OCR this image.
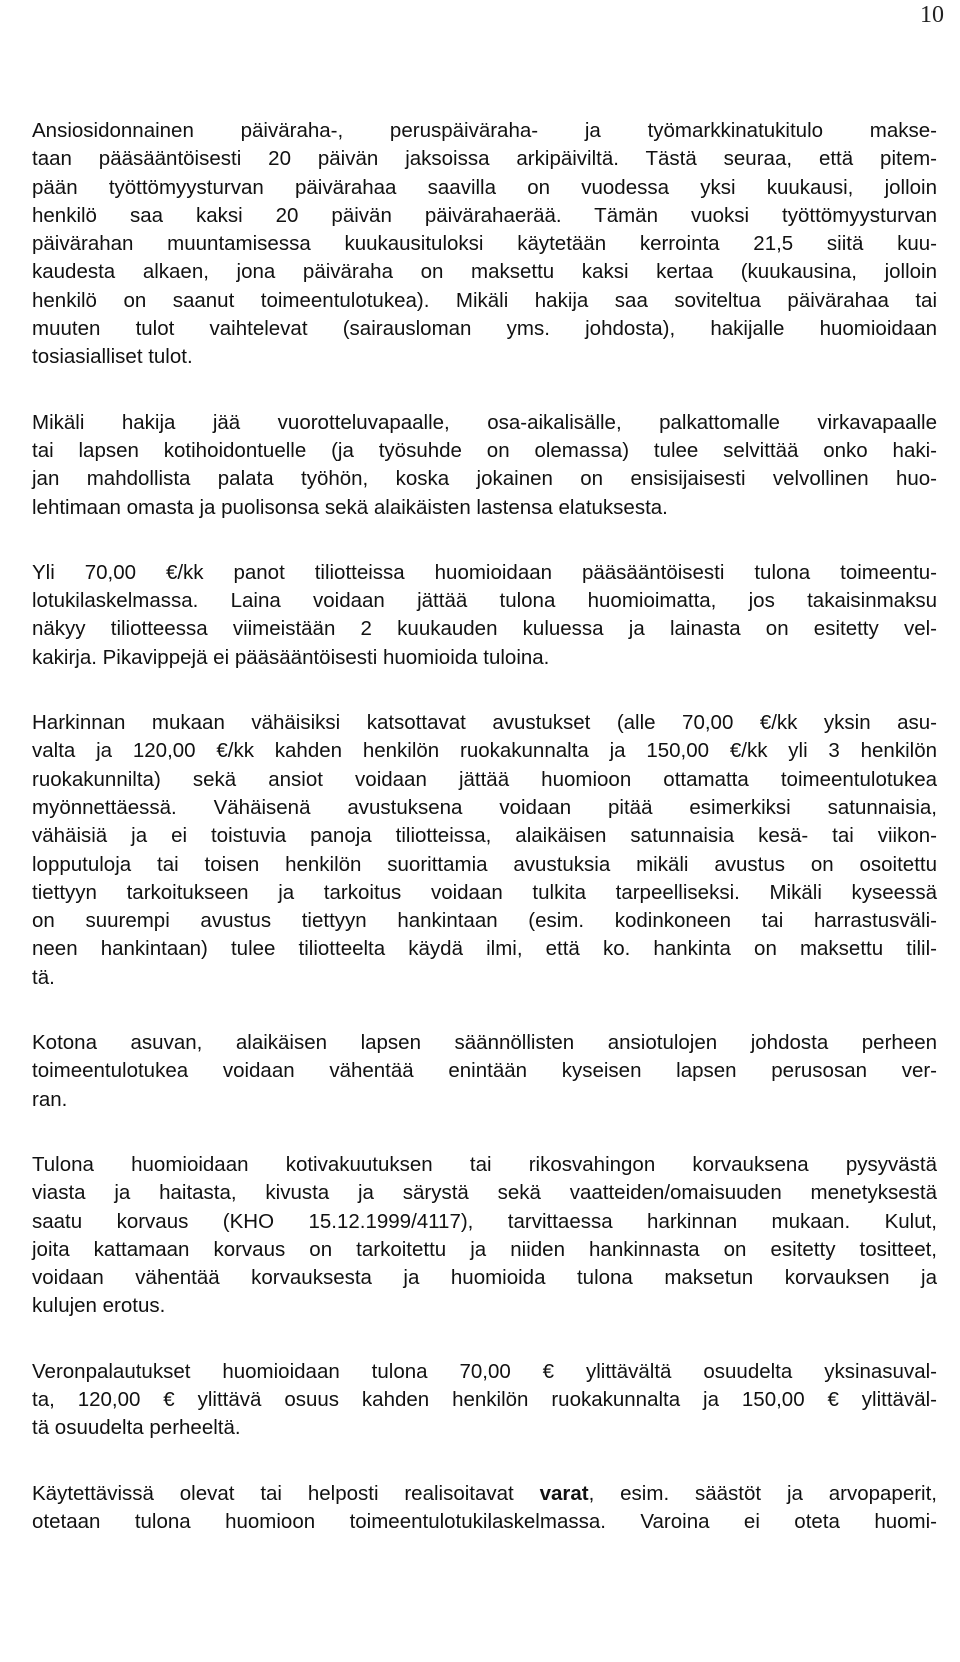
10
Ansiosidonnainen päiväraha-, peruspäiväraha- ja työmarkkinatukitulo makse-
taan pääsääntöisesti 20 päivän jaksoissa arkipäiviltä. Tästä seuraa, että pitem-
pään työttömyysturvan päivärahaa saavilla on vuodessa yksi kuukausi, jolloin
henkilö saa kaksi 20 päivän päivärahaerää. Tämän vuoksi työttömyysturvan
päivärahan muuntamisessa kuukausituloksi käytetään kerrointa 21,5 siitä kuu-
kaudesta alkaen, jona päiväraha on maksettu kaksi kertaa (kuukausina, jolloin
henkilö on saanut toimeentulotukea). Mikäli hakija saa soviteltua päivärahaa tai
muuten tulot vaihtelevat (sairausloman yms. johdosta), hakijalle huomioidaan
tosiasialliset tulot.
Mikäli hakija jää vuorotteluvapaalle, osa-aikalisälle, palkattomalle virkavapaalle
tai lapsen kotihoidontuelle (ja työsuhde on olemassa) tulee selvittää onko haki-
jan mahdollista palata työhön, koska jokainen on ensisijaisesti velvollinen huo-
lehtimaan omasta ja puolisonsa sekä alaikäisten lastensa elatuksesta.
Yli 70,00 €/kk panot tiliotteissa huomioidaan pääsääntöisesti tulona toimeentu-
lotukilaskelmassa. Laina voidaan jättää tulona huomioimatta, jos takaisinmaksu
näkyy tiliotteessa viimeistään 2 kuukauden kuluessa ja lainasta on esitetty vel-
kakirja. Pikavippejä ei pääsääntöisesti huomioida tuloina.
Harkinnan mukaan vähäisiksi katsottavat avustukset (alle 70,00 €/kk yksin asu-
valta ja 120,00 €/kk kahden henkilön ruokakunnalta ja 150,00 €/kk yli 3 henkilön
ruokakunnilta) sekä ansiot voidaan jättää huomioon ottamatta toimeentulotukea
myönnettäessä. Vähäisenä avustuksena voidaan pitää esimerkiksi satunnaisia,
vähäisiä ja ei toistuvia panoja tiliotteissa, alaikäisen satunnaisia kesä- tai viikon-
lopputuloja tai toisen henkilön suorittamia avustuksia mikäli avustus on osoitettu
tiettyyn tarkoitukseen ja tarkoitus voidaan tulkita tarpeelliseksi. Mikäli kyseessä
on suurempi avustus tiettyyn hankintaan (esim. kodinkoneen tai harrastusväli-
neen hankintaan) tulee tiliotteelta käydä ilmi, että ko. hankinta on maksettu tilil-
tä.
Kotona asuvan, alaikäisen lapsen säännöllisten ansiotulojen johdosta perheen
toimeentulotukea voidaan vähentää enintään kyseisen lapsen perusosan ver-
ran.
Tulona huomioidaan kotivakuutuksen tai rikosvahingon korvauksena pysyvästä
viasta ja haitasta, kivusta ja särystä sekä vaatteiden/omaisuuden menetyksestä
saatu korvaus (KHO 15.12.1999/4117), tarvittaessa harkinnan mukaan. Kulut,
joita kattamaan korvaus on tarkoitettu ja niiden hankinnasta on esitetty tositteet,
voidaan vähentää korvauksesta ja huomioida tulona maksetun korvauksen ja
kulujen erotus.
Veronpalautukset huomioidaan tulona 70,00 € ylittävältä osuudelta yksinasuval-
ta, 120,00 € ylittävä osuus kahden henkilön ruokakunnalta ja 150,00 € ylittäväl-
tä osuudelta perheeltä.
Käytettävissä olevat tai helposti realisoitavat varat, esim. säästöt ja arvopaperit,
otetaan tulona huomioon toimeentulotukilaskelmassa. Varoina ei oteta huomi-
